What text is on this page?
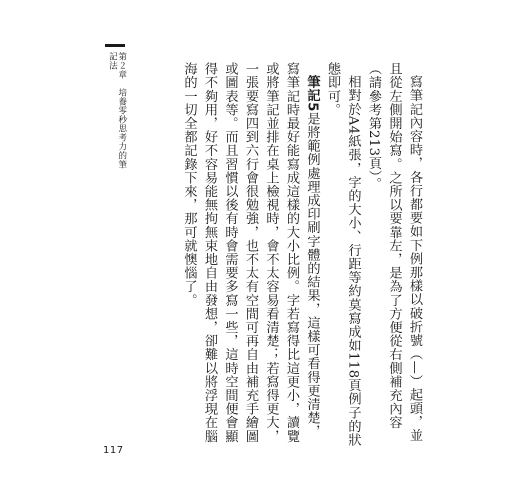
第２章　培養零秒思考力的筆記法

寫筆記內容時，各行都要如下例那樣以破折號（—）起頭，並且從左側開始寫。之所以要靠左，是為了方便從右側補充內容（請參考第213頁）。

相對於A4紙張，字的大小、行距等約莫寫成如118頁例子的狀態即可。

筆記5是將範例處理成印刷字體的結果，這樣可看得更清楚，寫筆記時最好能寫成這樣的大小比例。字若寫得比這更小，讀覽或將筆記並排在桌上檢視時，會不太容易看清楚；若寫得更大，一張要寫四到六行會很勉強，也不太有空間可再自由補充手繪圖或圖表等。而且習慣以後有時會需要多寫一些，這時空間便會顯得不夠用，好不容易能無拘無束地自由發想，卻難以將浮現在腦海的一切全都記錄下來，那可就懊惱了。

117
